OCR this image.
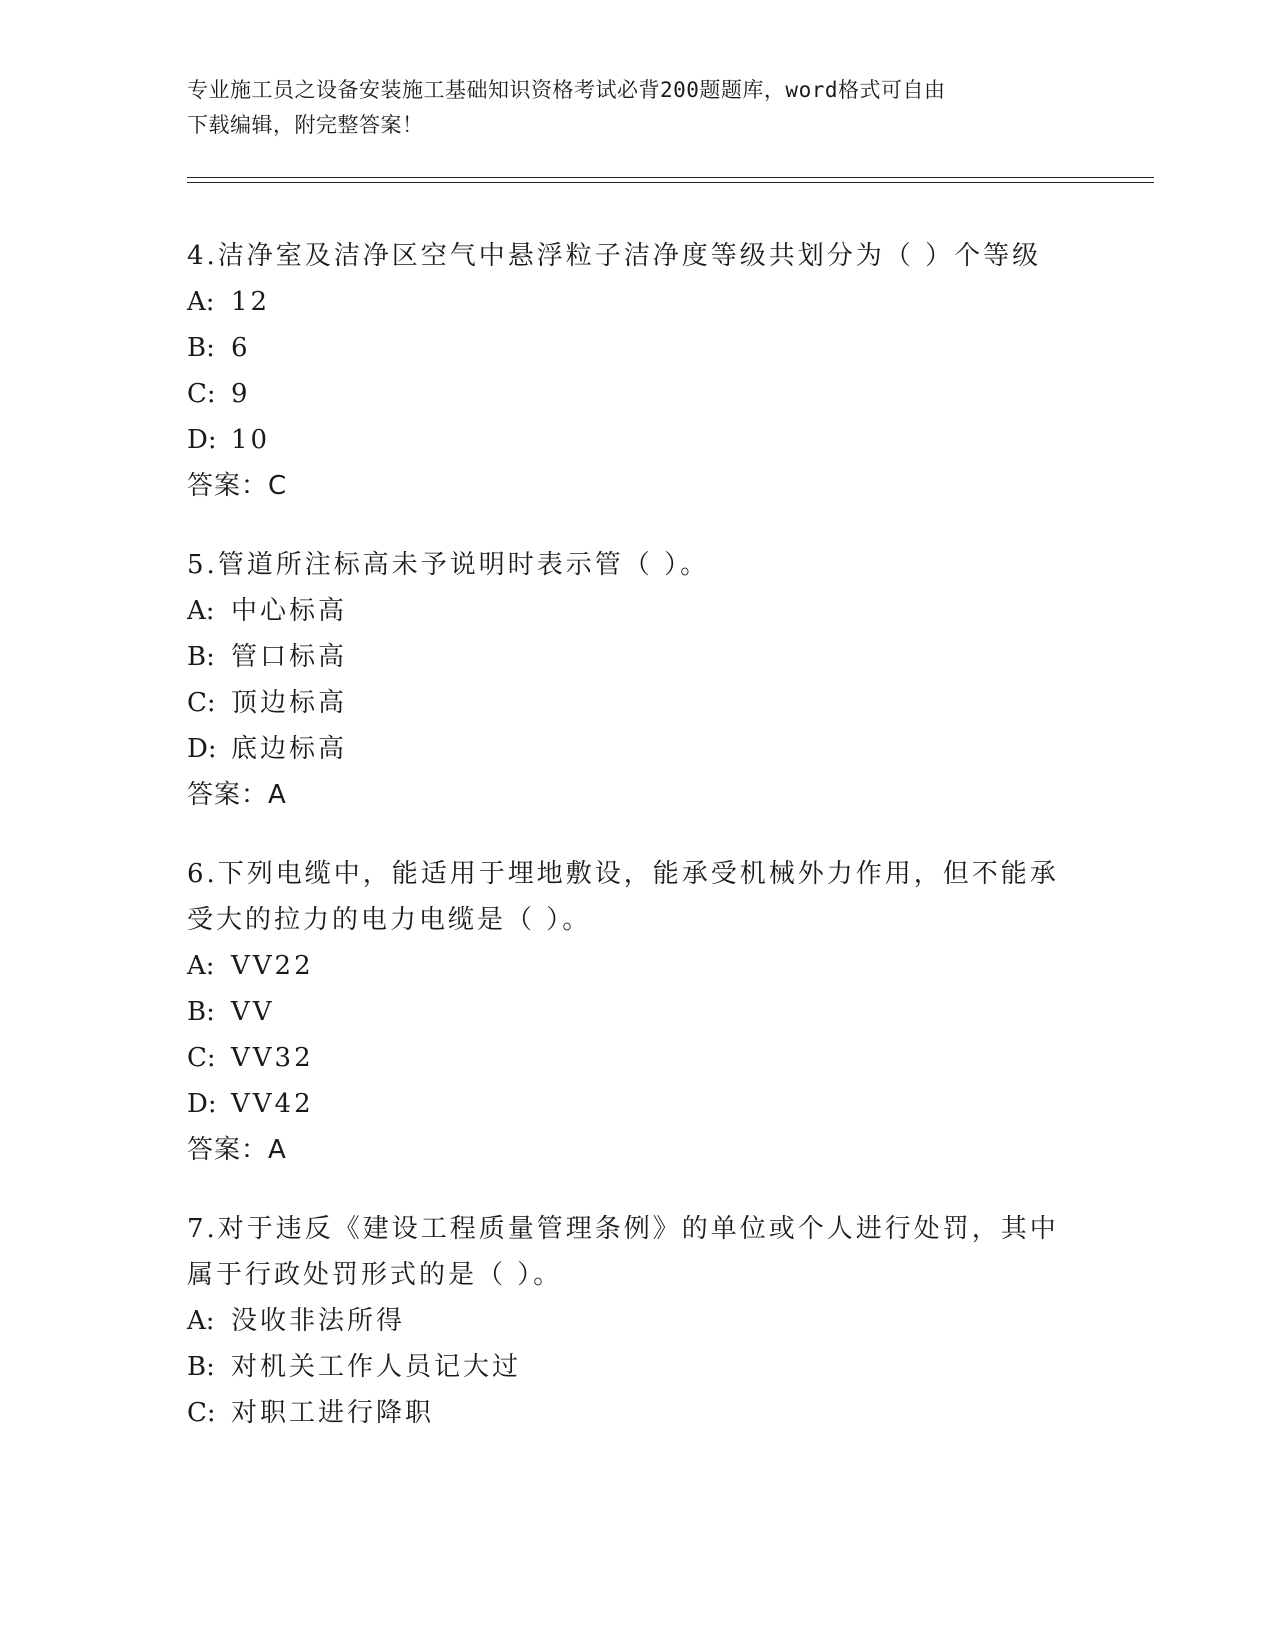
专业施工员之设备安装施工基础知识资格考试必背200题题库，word格式可自由
下载编辑，附完整答案！
4.洁净室及洁净区空气中悬浮粒子洁净度等级共划分为（ ）个等级
A: 12
B: 6
C: 9
D: 10
答案：C
5.管道所注标高未予说明时表示管（ ）。
A: 中心标高
B: 管口标高
C: 顶边标高
D: 底边标高
答案：A
6.下列电缆中，能适用于埋地敷设，能承受机械外力作用，但不能承
受大的拉力的电力电缆是（ ）。
A: VV22
B: VV
C: VV32
D: VV42
答案：A
7.对于违反《建设工程质量管理条例》的单位或个人进行处罚，其中
属于行政处罚形式的是（ ）。
A: 没收非法所得
B: 对机关工作人员记大过
C: 对职工进行降职
